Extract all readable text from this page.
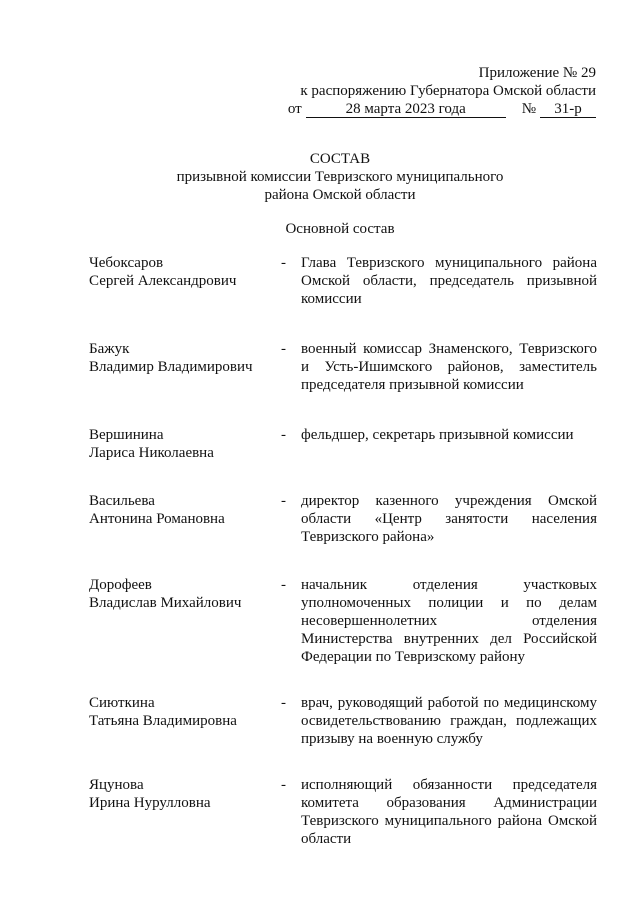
Приложение № 29
к распоряжению Губернатора Омской области
от	28 марта 2023 года	№	31-р
СОСТАВ
призывной комиссии Тевризского муниципального
района Омской области
Основной состав
Чебоксаров
Сергей Александрович
-	Глава Тевризского муниципального района Омской области, председатель призывной комиссии
Бажук
Владимир Владимирович
-	военный комиссар Знаменского, Тевризского и Усть-Ишимского районов, заместитель председателя призывной комиссии
Вершинина
Лариса Николаевна
-	фельдшер, секретарь призывной комиссии
Васильева
Антонина Романовна
-	директор казенного учреждения Омской области «Центр занятости населения Тевризского района»
Дорофеев
Владислав Михайлович
-	начальник отделения участковых уполномоченных полиции и по делам несовершеннолетних отделения Министерства внутренних дел Российской Федерации по Тевризскому району
Сиюткина
Татьяна Владимировна
-	врач, руководящий работой по медицинскому освидетельствованию граждан, подлежащих призыву на военную службу
Яцунова
Ирина Нурулловна
-	исполняющий обязанности председателя комитета образования Администрации Тевризского муниципального района Омской области
